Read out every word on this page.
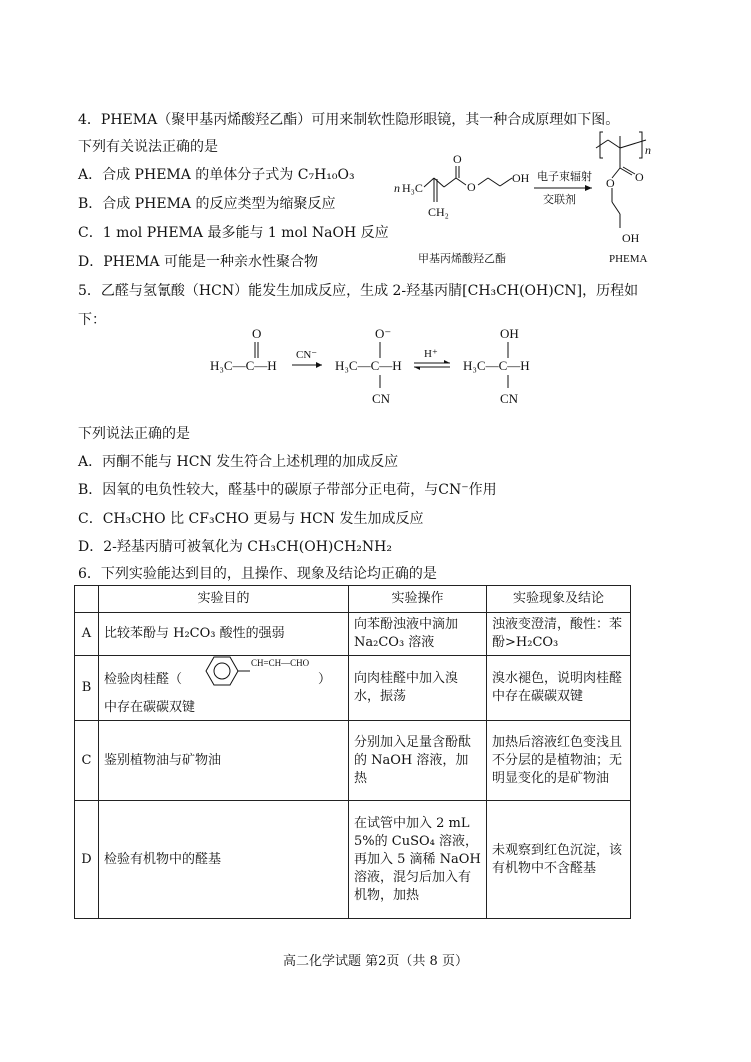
4．PHEMA（聚甲基丙烯酸羟乙酯）可用来制软性隐形眼镜，其一种合成原理如下图。
下列有关说法正确的是
A．合成 PHEMA 的单体分子式为 C₇H₁₀O₃
B．合成 PHEMA 的反应类型为缩聚反应
C．1 mol PHEMA 最多能与 1 mol NaOH 反应
D．PHEMA 可能是一种亲水性聚合物
n H₃C
O
O
OH
CH₂
电子束辐射
交联剂
甲基丙烯酸羟乙酯
n
O
O
OH
PHEMA
5．乙醛与氢氰酸（HCN）能发生加成反应，生成 2-羟基丙腈[CH₃CH(OH)CN]，历程如
下：
O
H₃C—C—H
CN⁻
O⁻
H₃C—C—H
CN
H⁺
OH
H₃C—C—H
CN
下列说法正确的是
A．丙酮不能与 HCN 发生符合上述机理的加成反应
B．因氧的电负性较大，醛基中的碳原子带部分正电荷，与CN⁻作用
C．CH₃CHO 比 CF₃CHO 更易与 HCN 发生加成反应
D．2-羟基丙腈可被氧化为 CH₃CH(OH)CH₂NH₂
6．下列实验能达到目的，且操作、现象及结论均正确的是
	实验目的	实验操作	实验现象及结论
A	比较苯酚与 H₂CO₃ 酸性的强弱	向苯酚浊液中滴加 Na₂CO₃ 溶液	浊液变澄清，酸性：苯酚>H₂CO₃
B	检验肉桂醛（
CH=CH—CHO
）
中存在碳碳双键	向肉桂醛中加入溴水，振荡	溴水褪色，说明肉桂醛中存在碳碳双键
C	鉴别植物油与矿物油	分别加入足量含酚酞的 NaOH 溶液，加热	加热后溶液红色变浅且不分层的是植物油；无明显变化的是矿物油
D	检验有机物中的醛基	在试管中加入 2 mL 5%的 CuSO₄ 溶液，再加入 5 滴稀 NaOH 溶液，混匀后加入有机物，加热	未观察到红色沉淀，该有机物中不含醛基
高二化学试题 第2页（共 8 页）
